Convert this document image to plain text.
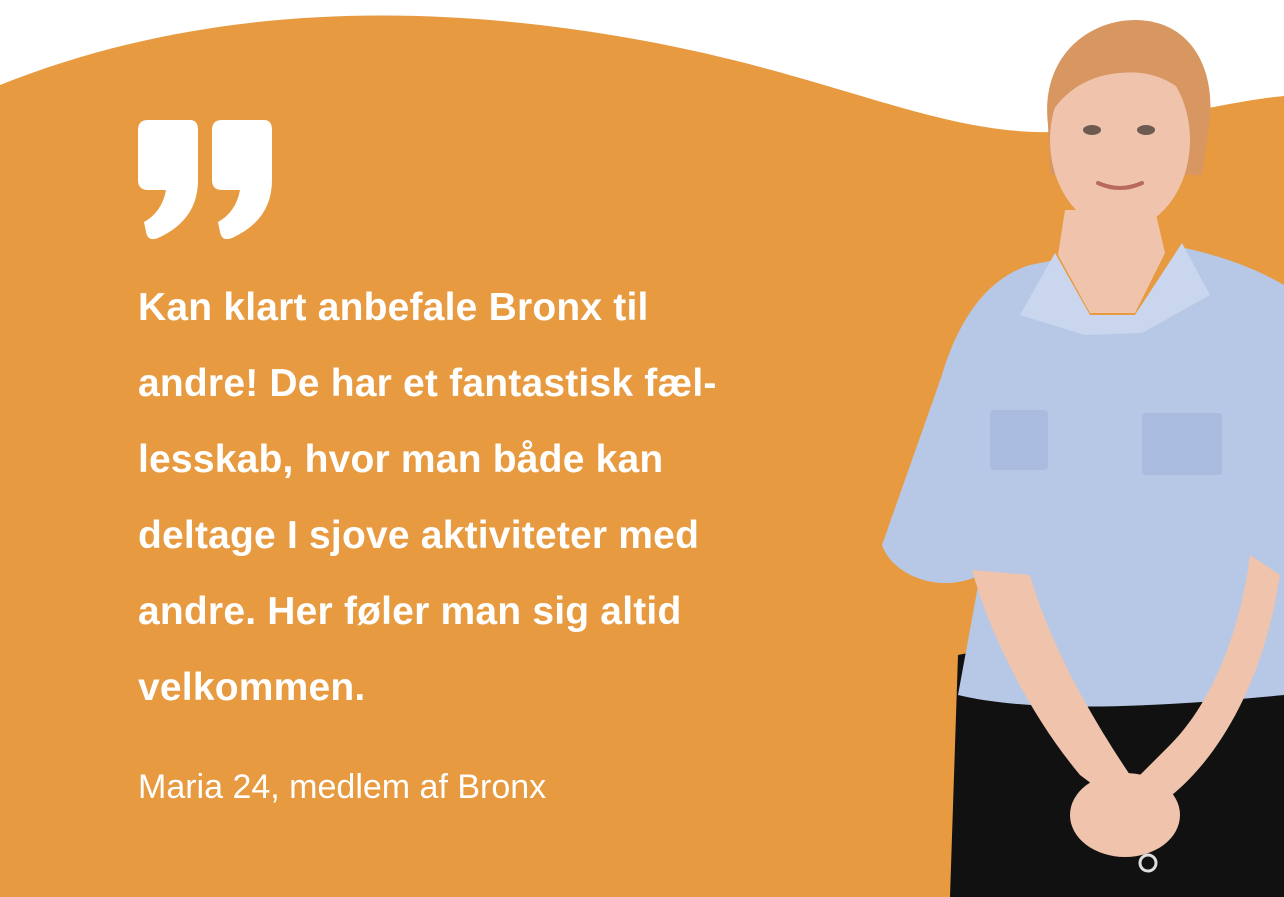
Kan klart anbefale Bronx til
andre! De har et fantastisk fæl-
lesskab, hvor man både kan
deltage I sjove aktiviteter med
andre. Her føler man sig altid
velkommen.

Maria 24, medlem af Bronx
